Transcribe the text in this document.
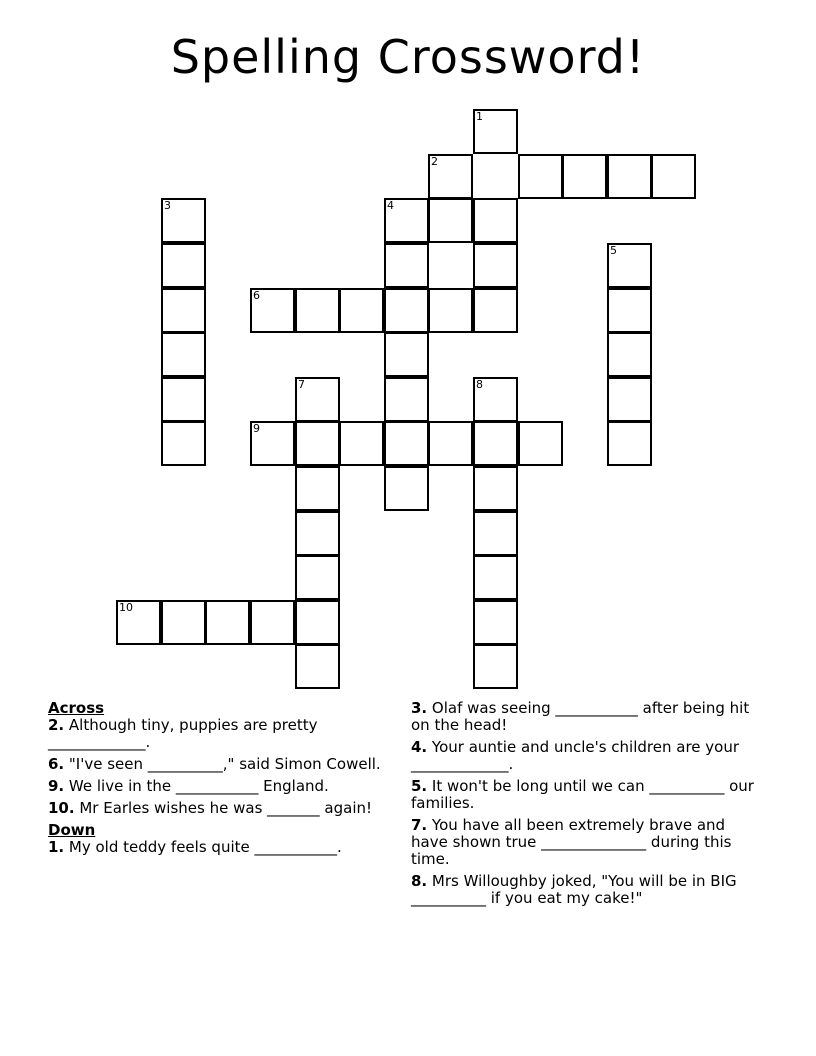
Spelling Crossword!
1
2
3	4
5
6
7	8
9
10

Across

2. Although tiny, puppies are pretty _____________.

6. "I've seen __________," said Simon Cowell.

9. We live in the ___________ England.

10. Mr Earles wishes he was _______ again!

Down

1. My old teddy feels quite ___________.

3. Olaf was seeing ___________ after being hit on the head!

4. Your auntie and uncle's children are your _____________.

5. It won't be long until we can __________ our families.

7. You have all been extremely brave and have shown true ______________ during this time.

8. Mrs Willoughby joked, "You will be in BIG __________ if you eat my cake!"
